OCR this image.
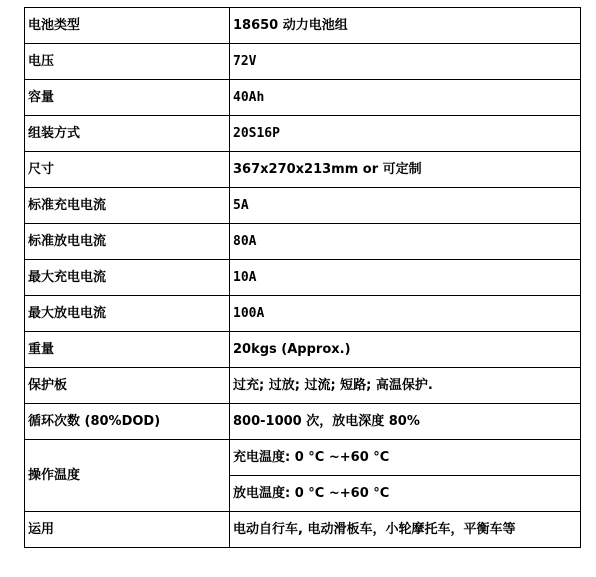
电池类型	18650 动力电池组
电压	72V
容量	40Ah
组装方式	20S16P
尺寸	367x270x213mm or 可定制
标准充电电流	5A
标准放电电流	80A
最大充电电流	10A
最大放电电流	100A
重量	20kgs (Approx.)
保护板	过充; 过放; 过流; 短路; 高温保护.
循环次数 (80%DOD)	800-1000 次，放电深度 80%
操作温度	充电温度: 0 °C ~+60 °C
	放电温度: 0 °C ~+60 °C
运用	电动自行车, 电动滑板车，小轮摩托车，平衡车等
